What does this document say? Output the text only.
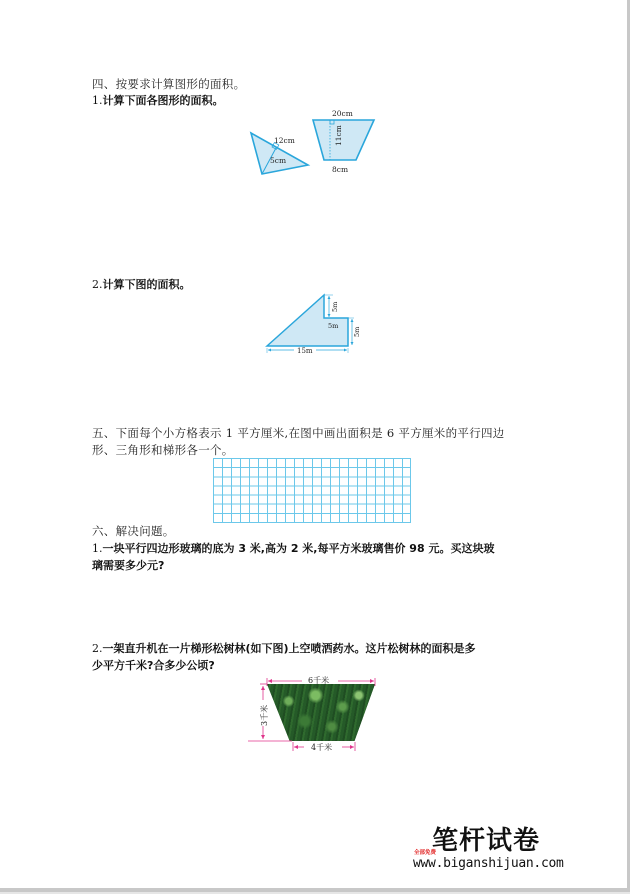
四、按要求计算图形的面积。
1.计算下面各图形的面积。
12cm
5cm
20cm
11cm
8cm
2.计算下图的面积。
5m
5m
5m
15m
五、下面每个小方格表示 1 平方厘米,在图中画出面积是 6 平方厘米的平行四边
形、三角形和梯形各一个。
六、解决问题。
1.一块平行四边形玻璃的底为 3 米,高为 2 米,每平方米玻璃售价 98 元。买这块玻
璃需要多少元?
2.一架直升机在一片梯形松树林(如下图)上空喷洒药水。这片松树林的面积是多
少平方千米?合多少公顷?
6千米
3千米
4千米
笔杆试卷
全部免费
www.biganshijuan.com
